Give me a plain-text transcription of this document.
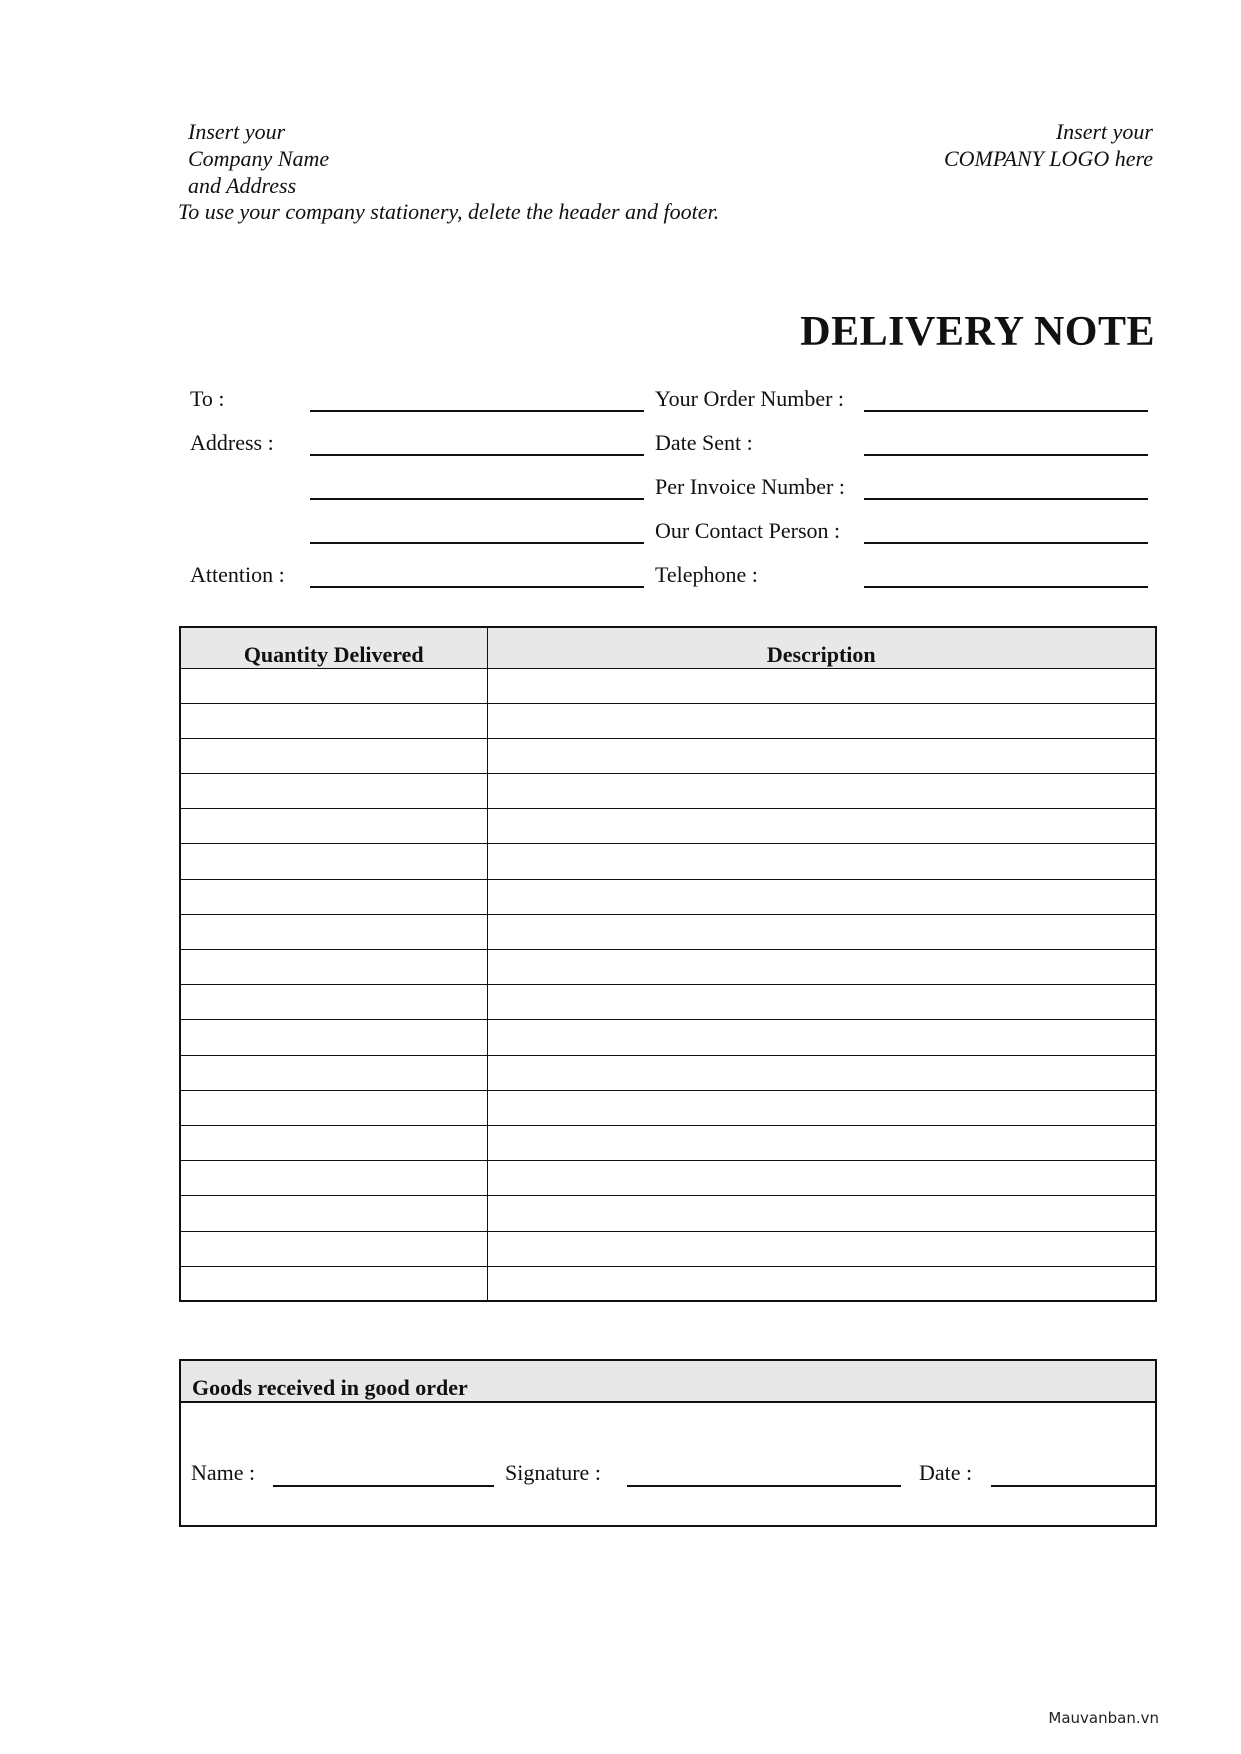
Insert your
Company Name
and Address
To use your company stationery, delete the header and footer.
Insert your
COMPANY LOGO here
DELIVERY NOTE
To :
Address :
Attention :
Your Order Number :
Date Sent :
Per Invoice Number :
Our Contact Person :
Telephone :
Quantity Delivered	Description

Goods received in good order
Name :	Signature :	Date :
Mauvanban.vn
